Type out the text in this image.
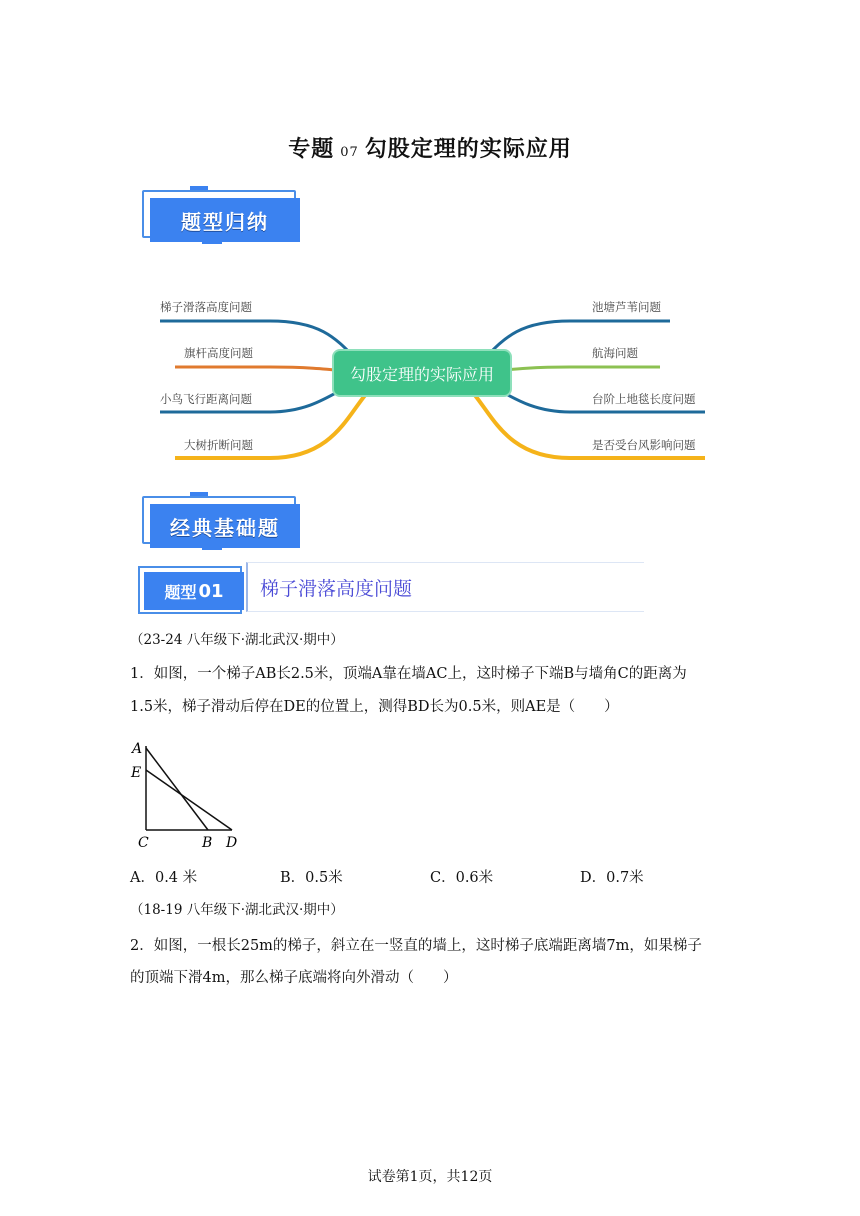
专题 07 勾股定理的实际应用
题型归纳
勾股定理的实际应用
梯子滑落高度问题
旗杆高度问题
小鸟飞行距离问题
大树折断问题
池塘芦苇问题
航海问题
台阶上地毯长度问题
是否受台风影响问题
经典基础题
题型 01	梯子滑落高度问题
（23-24 八年级下·湖北武汉·期中）
1．如图，一个梯子AB长2.5米，顶端A靠在墙AC上，这时梯子下端B与墙角C的距离为
1.5米，梯子滑动后停在DE的位置上，测得BD长为0.5米，则AE是（　　）
A
E
C	B D
A．0.4 米	B．0.5米	C．0.6米	D．0.7米
（18-19 八年级下·湖北武汉·期中）
2．如图，一根长25m的梯子，斜立在一竖直的墙上，这时梯子底端距离墙7m，如果梯子
的顶端下滑4m，那么梯子底端将向外滑动（　　）
试卷第1页，共12页
